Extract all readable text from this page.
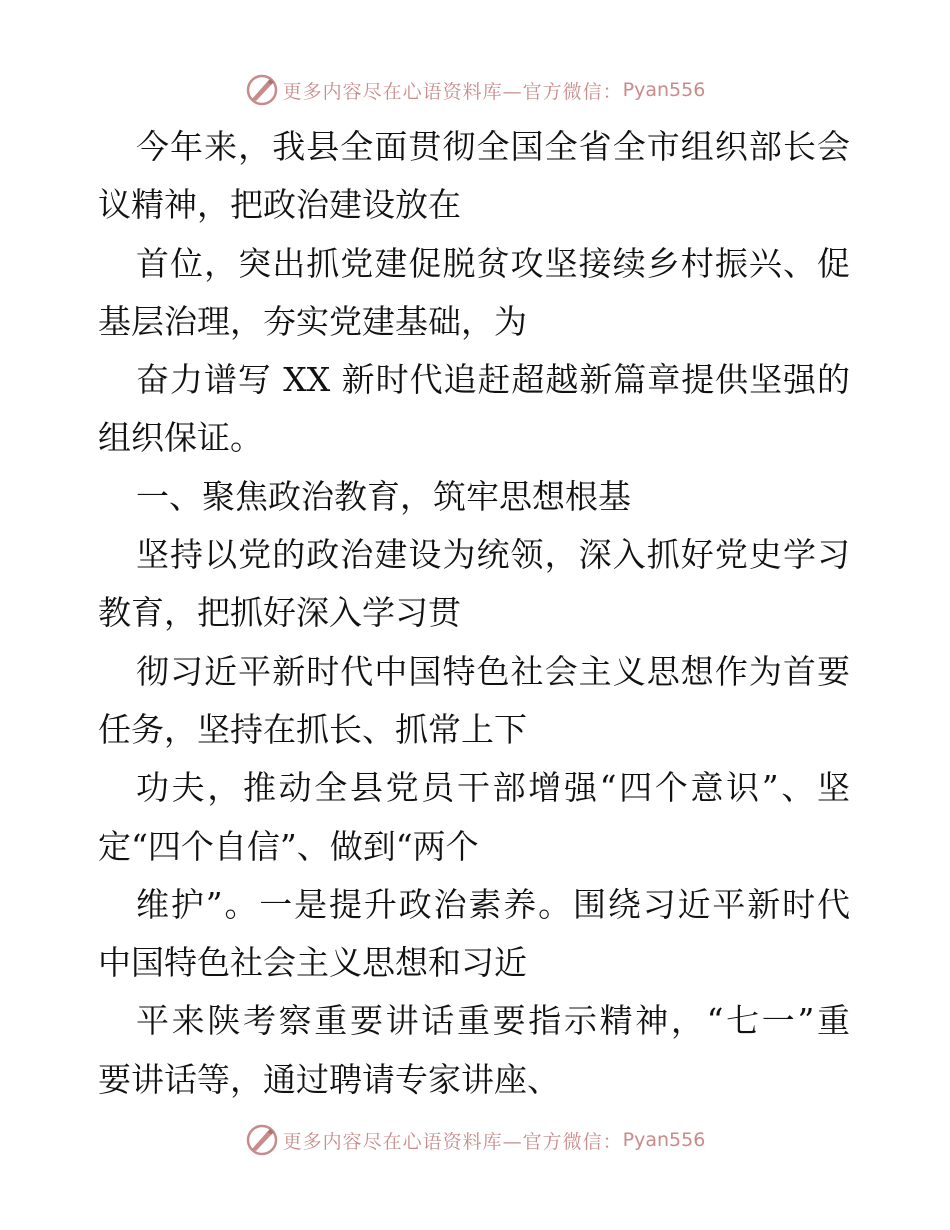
更多内容尽在心语资料库—官方微信： Pyan556
今年来，我县全面贯彻全国全省全市组织部长会
议精神，把政治建设放在
首位，突出抓党建促脱贫攻坚接续乡村振兴、促
基层治理，夯实党建基础，为
奋力谱写 XX 新时代追赶超越新篇章提供坚强的
组织保证。
一、聚焦政治教育，筑牢思想根基
坚持以党的政治建设为统领，深入抓好党史学习
教育，把抓好深入学习贯
彻习近平新时代中国特色社会主义思想作为首要
任务，坚持在抓长、抓常上下
功夫，推动全县党员干部增强“四个意识”、坚
定“四个自信”、做到“两个
维护”。一是提升政治素养。围绕习近平新时代
中国特色社会主义思想和习近
平来陕考察重要讲话重要指示精神，“七一”重
要讲话等，通过聘请专家讲座、
更多内容尽在心语资料库—官方微信： Pyan556
